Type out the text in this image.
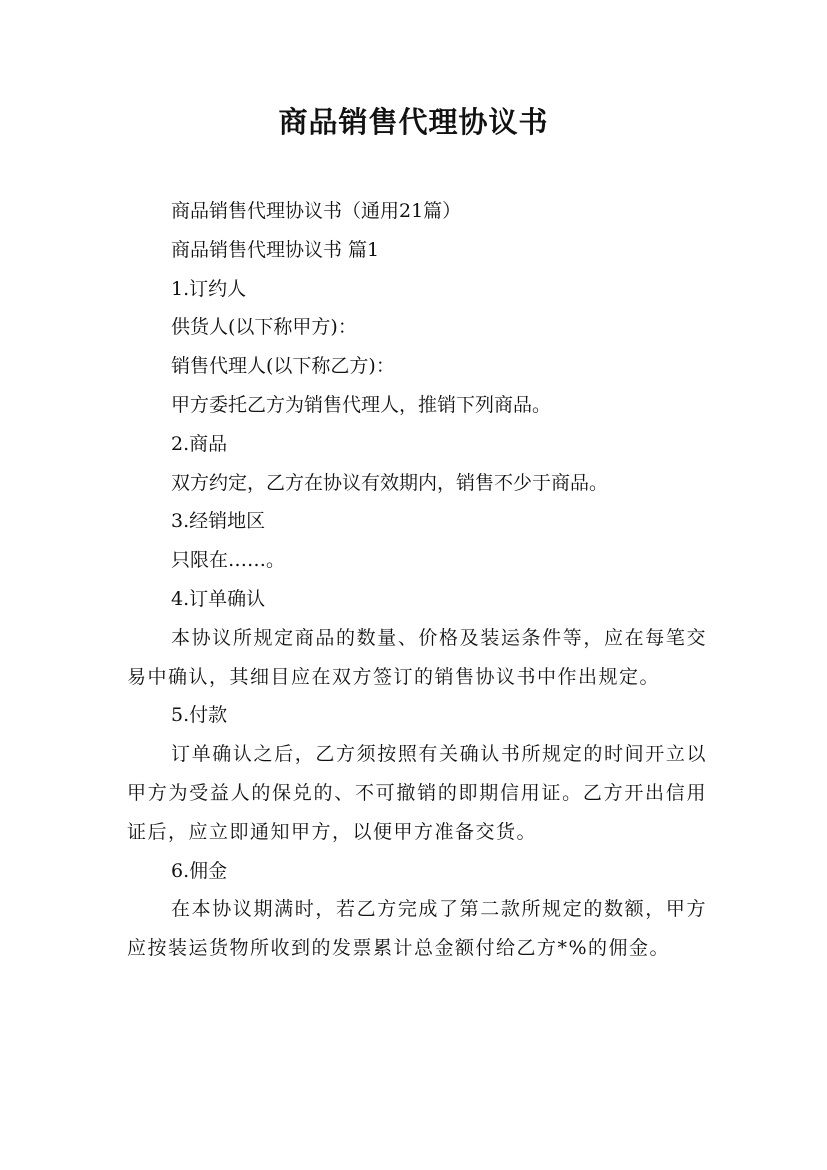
商品销售代理协议书

商品销售代理协议书（通用21篇）

商品销售代理协议书 篇1

1.订约人

供货人(以下称甲方)：

销售代理人(以下称乙方)：

甲方委托乙方为销售代理人，推销下列商品。

2.商品

双方约定，乙方在协议有效期内，销售不少于商品。

3.经销地区

只限在……。

4.订单确认

本协议所规定商品的数量、价格及装运条件等，应在每笔交易中确认，其细目应在双方签订的销售协议书中作出规定。

5.付款

订单确认之后，乙方须按照有关确认书所规定的时间开立以甲方为受益人的保兑的、不可撤销的即期信用证。乙方开出信用证后，应立即通知甲方，以便甲方准备交货。

6.佣金

在本协议期满时，若乙方完成了第二款所规定的数额，甲方应按装运货物所收到的发票累计总金额付给乙方*%的佣金。
